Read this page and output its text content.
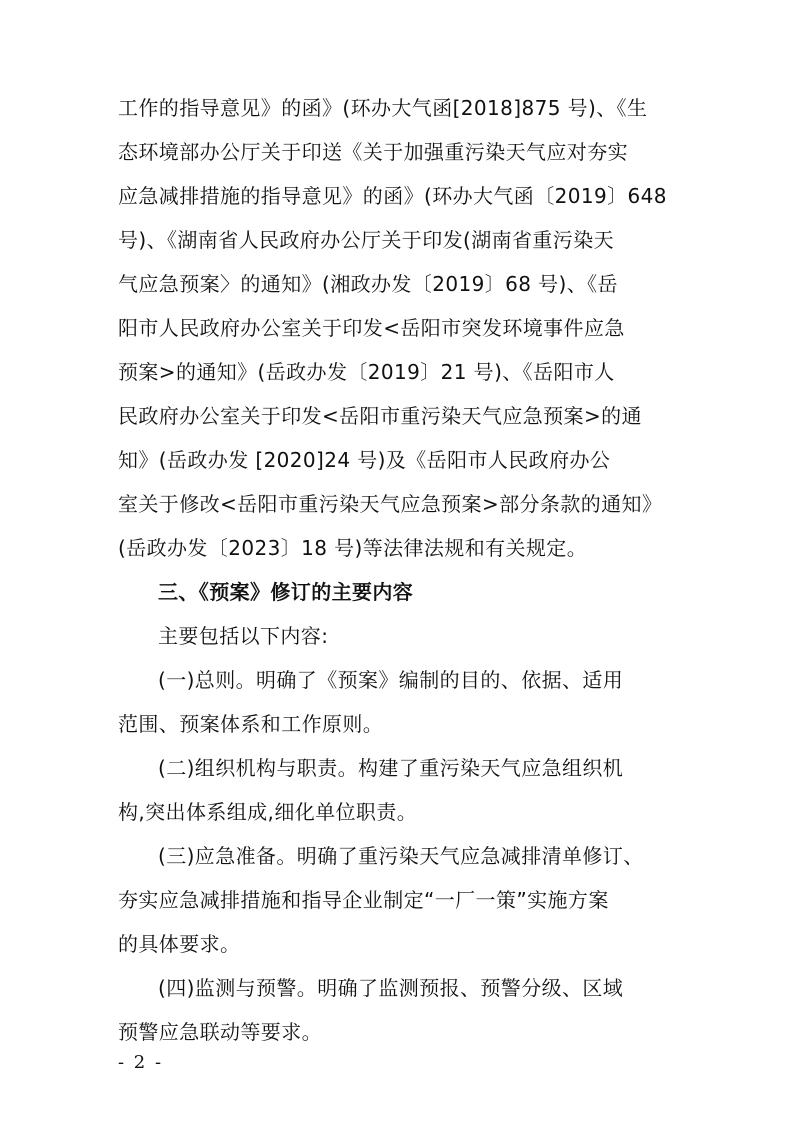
工作的指导意见》的函》(环办大气函[2018]875 号)、《生
态环境部办公厅关于印送《关于加强重污染天气应对夯实
应急减排措施的指导意见》的函》(环办大气函〔2019〕648
号)、《湖南省人民政府办公厅关于印发(湖南省重污染天
气应急预案〉的通知》(湘政办发〔2019〕68 号)、《岳
阳市人民政府办公室关于印发<岳阳市突发环境事件应急
预案>的通知》(岳政办发〔2019〕21 号)、《岳阳市人
民政府办公室关于印发<岳阳市重污染天气应急预案>的通
知》(岳政办发 [2020]24 号)及《岳阳市人民政府办公
室关于修改<岳阳市重污染天气应急预案>部分条款的通知》
(岳政办发〔2023〕18 号)等法律法规和有关规定。
三、《预案》修订的主要内容
主要包括以下内容:
(一)总则。明确了《预案》编制的目的、依据、适用
范围、预案体系和工作原则。
(二)组织机构与职责。构建了重污染天气应急组织机
构,突出体系组成,细化单位职责。
(三)应急准备。明确了重污染天气应急减排清单修订、
夯实应急减排措施和指导企业制定“一厂一策”实施方案
的具体要求。
(四)监测与预警。明确了监测预报、预警分级、区域
预警应急联动等要求。
- 2 -
